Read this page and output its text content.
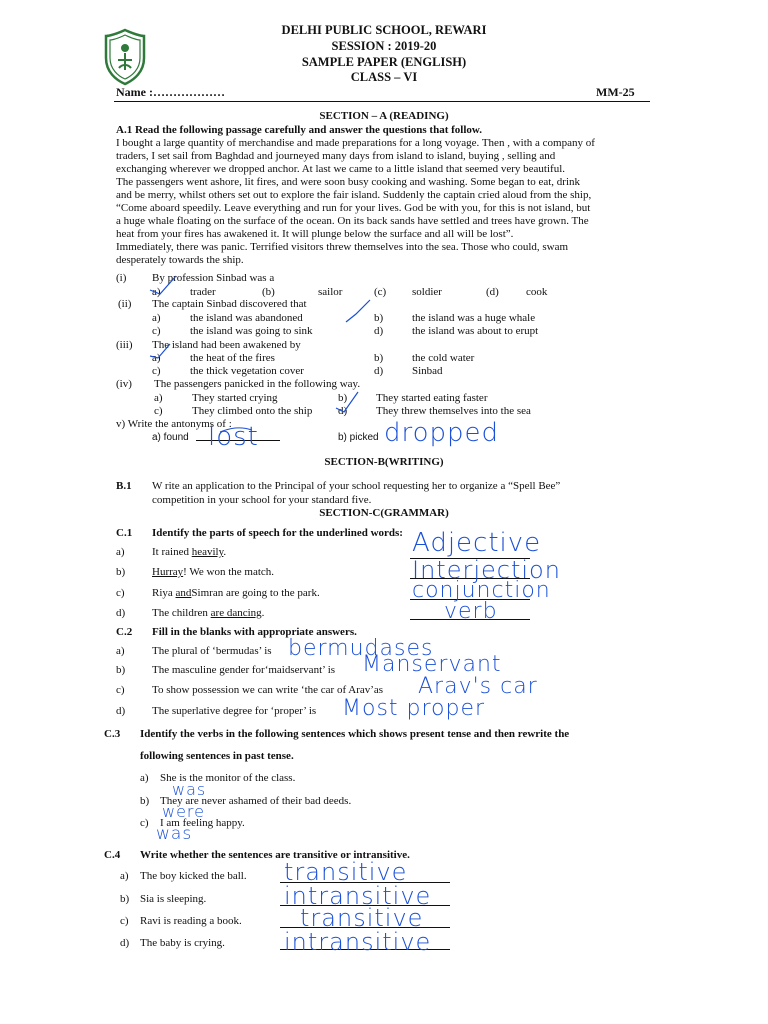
DELHI PUBLIC SCHOOL, REWARI
SESSION : 2019-20
SAMPLE PAPER (ENGLISH)
CLASS – VI
Name :………………	MM-25
SECTION – A (READING)
A.1 Read the following passage carefully and answer the questions that follow.
I bought a large quantity of merchandise and made preparations for a long voyage. Then , with a company of
traders, I set sail from Baghdad and journeyed many days from island to island, buying , selling and
exchanging wherever we dropped anchor. At last we came to a little island that seemed very beautiful.
The passengers went ashore, lit fires, and were soon busy cooking and washing. Some began to eat, drink
and be merry, whilst others set out to explore the fair island. Suddenly the captain cried aloud from the ship,
“Come aboard speedily. Leave everything and run for your lives. God be with you, for this is not island, but
a huge whale floating on the surface of the ocean. On its back sands have settled and trees have grown. The
heat from your fires has awakened it. It will plunge below the surface and all will be lost”.
Immediately, there was panic. Terrified visitors threw themselves into the sea. Those who could, swam
desperately towards the ship.
(i) By profession Sinbad was a
a)	trader	(b)	sailor	(c) soldier	(d) cook
(ii) The captain Sinbad discovered that
a)	the island was abandoned	b)	the island was a huge whale
c)	the island was going to sink	d)	the island was about to erupt
(iii) The island had been awakened by
a)	the heat of the fires	b)	the cold water
c)	the thick vegetation cover	d)	Sinbad
(iv) The passengers panicked in the following way.
a)	They started crying	b)	They started eating faster
c)	They climbed onto the ship d)	They threw themselves into the sea
v) Write the antonyms of :
a) found	b) picked
lost	dropped
SECTION-B(WRITING)
B.1 W rite an application to the Principal of your school requesting her to organize a “Spell Bee”
competition in your school for your standard five.
SECTION-C(GRAMMAR)
C.1 Identify the parts of speech for the underlined words:
a) It rained heavily.
b) Hurray! We won the match.
c) Riya andSimran are going to the park.
d) The children are dancing.
Adjective
Interjection
conjunction
verb
C.2 Fill in the blanks with appropriate answers.
a) The plural of ‘bermudas’ is
b) The masculine gender for‘maidservant’ is
c) To show possession we can write ‘the car of Arav’as
d) The superlative degree for ‘proper’ is
bermudases
Manservant
Arav's car
Most proper
C.3 Identify the verbs in the following sentences which shows present tense and then rewrite the
following sentences in past tense.
a) She is the monitor of the class.
b) They are never ashamed of their bad deeds.
c) I am feeling happy.
was
were
was
C.4 Write whether the sentences are transitive or intransitive.
a) The boy kicked the ball.
b) Sia is sleeping.
c) Ravi is reading a book.
d) The baby is crying.
transitive
intransitive
transitive
intransitive
